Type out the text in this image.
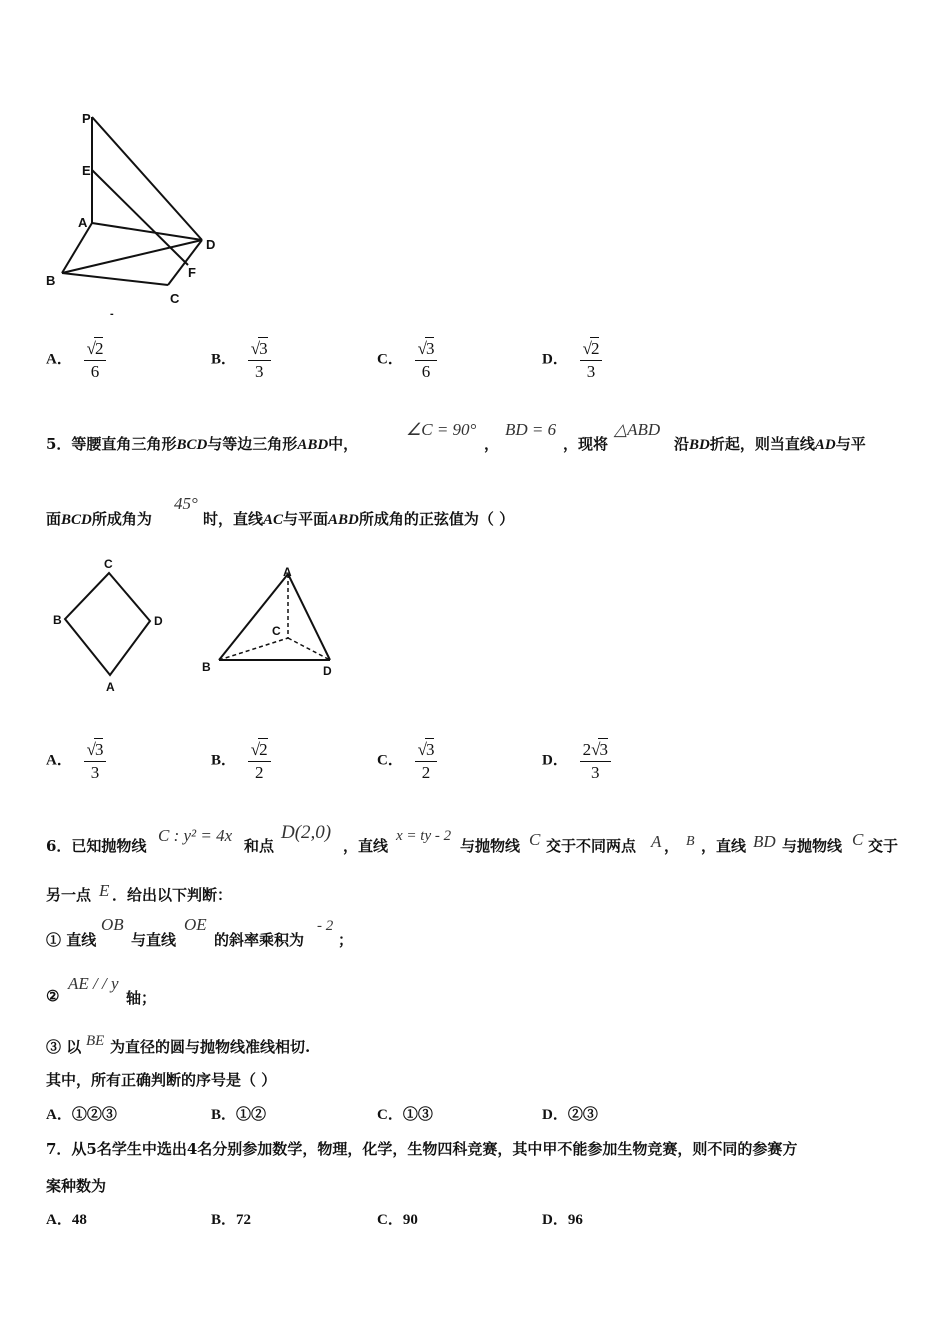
P
E
A
D
B
F
C
-
A． $\frac{√2}{6}$	B． $\frac{√3}{3}$	C． $\frac{√3}{6}$	D． $\frac{√2}{3}$
5．等腰直角三角形BCD与等边三角形ABD中，
∠C = 90°
，
BD = 6
，现将
△ABD
沿BD折起，则当直线AD与平
面BCD所成角为
45°
时，直线AC与平面ABD所成角的正弦值为（ ）
C
B	D
A
A
C
B	D
A． $\frac{√3}{3}$	B． $\frac{√2}{2}$	C． $\frac{√3}{2}$	D． $\frac{2√3}{3}$
6．已知抛物线
C : y² = 4x
和点
D(2,0)
，直线
x = ty - 2
与抛物线 C 交于不同两点 A ， B ，直线 BD 与抛物线 C 交于
另一点 E ．给出以下判断：
① 直线
OB
与直线
OE
的斜率乘积为
- 2
；
②
AE / / y
轴；
③ 以 BE 为直径的圆与抛物线准线相切.
其中，所有正确判断的序号是（ ）
A．①②③	B．①②	C．①③	D．②③
7．从5名学生中选出4名分别参加数学，物理，化学，生物四科竞赛，其中甲不能参加生物竞赛，则不同的参赛方
案种数为
A．48	B．72	C．90	D．96
